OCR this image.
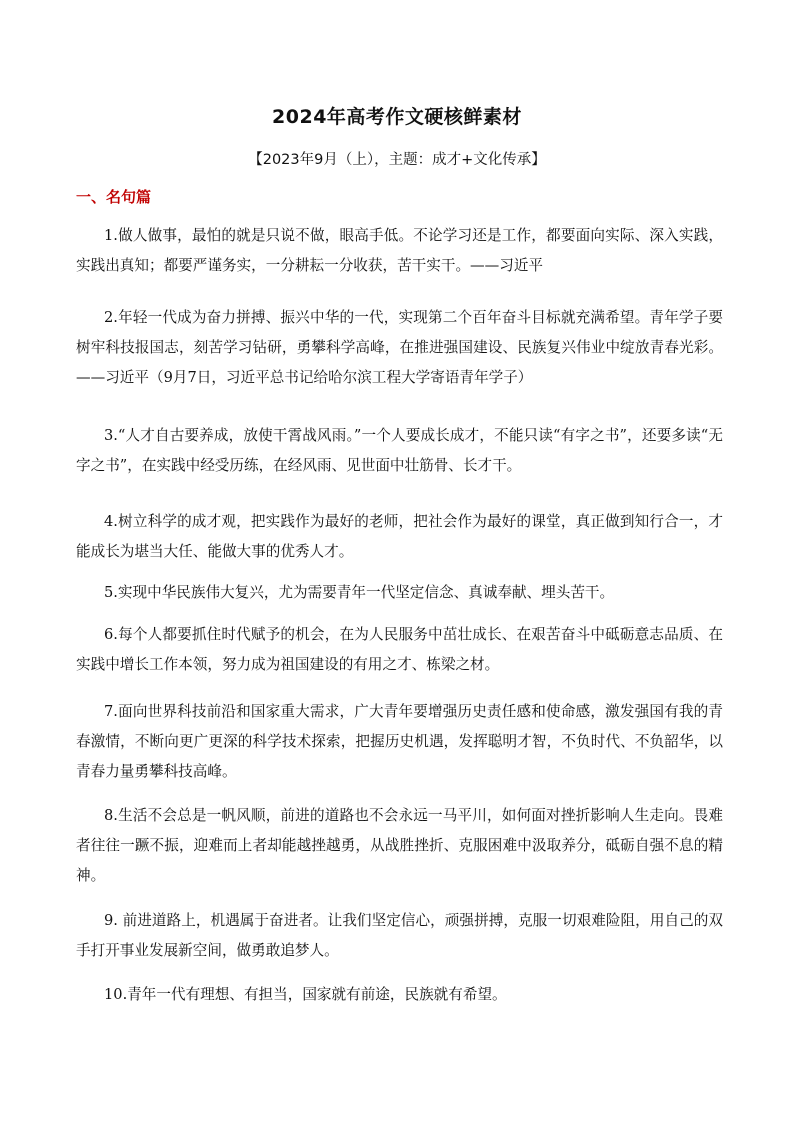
2024年高考作文硬核鲜素材
【2023年9月（上），主题：成才+文化传承】
一、名句篇

1.做人做事，最怕的就是只说不做，眼高手低。不论学习还是工作，都要面向实际、深入实践，实践出真知；都要严谨务实，一分耕耘一分收获，苦干实干。——习近平

2.年轻一代成为奋力拼搏、振兴中华的一代，实现第二个百年奋斗目标就充满希望。青年学子要树牢科技报国志，刻苦学习钻研，勇攀科学高峰，在推进强国建设、民族复兴伟业中绽放青春光彩。——习近平（9月7日，习近平总书记给哈尔滨工程大学寄语青年学子）

3.“人才自古要养成，放使干霄战风雨。”一个人要成长成才，不能只读“有字之书”，还要多读“无字之书”，在实践中经受历练，在经风雨、见世面中壮筋骨、长才干。

4.树立科学的成才观，把实践作为最好的老师，把社会作为最好的课堂，真正做到知行合一，才能成长为堪当大任、能做大事的优秀人才。

5.实现中华民族伟大复兴，尤为需要青年一代坚定信念、真诚奉献、埋头苦干。

6.每个人都要抓住时代赋予的机会，在为人民服务中茁壮成长、在艰苦奋斗中砥砺意志品质、在实践中增长工作本领，努力成为祖国建设的有用之才、栋梁之材。

7.面向世界科技前沿和国家重大需求，广大青年要增强历史责任感和使命感，激发强国有我的青春激情，不断向更广更深的科学技术探索，把握历史机遇，发挥聪明才智，不负时代、不负韶华，以青春力量勇攀科技高峰。

8.生活不会总是一帆风顺，前进的道路也不会永远一马平川，如何面对挫折影响人生走向。畏难者往往一蹶不振，迎难而上者却能越挫越勇，从战胜挫折、克服困难中汲取养分，砥砺自强不息的精神。

9. 前进道路上，机遇属于奋进者。让我们坚定信心，顽强拼搏，克服一切艰难险阻，用自己的双手打开事业发展新空间，做勇敢追梦人。

10.青年一代有理想、有担当，国家就有前途，民族就有希望。
